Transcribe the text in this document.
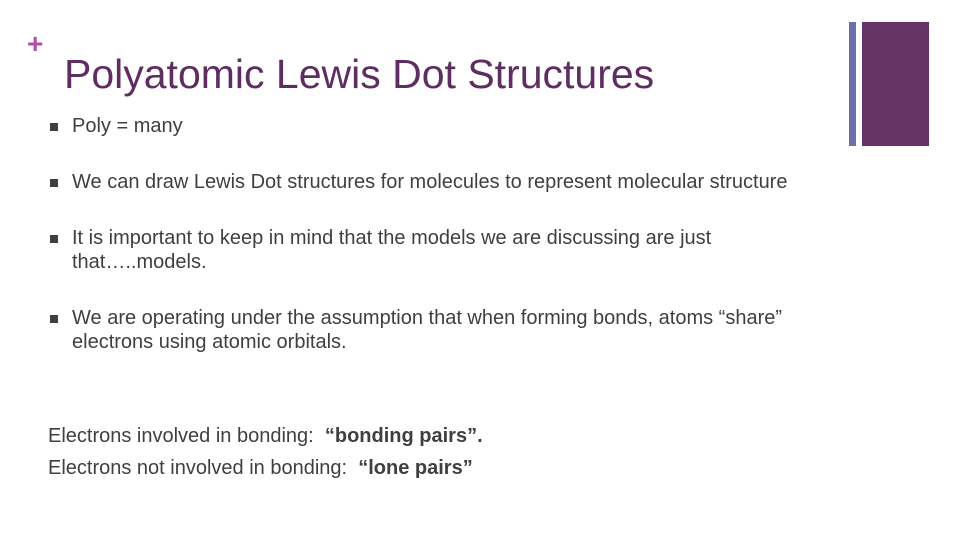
+
Polyatomic Lewis Dot Structures
Poly = many
We can draw Lewis Dot structures for molecules to represent molecular structure
It is important to keep in mind that the models we are discussing are just that…..models.
We are operating under the assumption that when forming bonds, atoms “share” electrons using atomic orbitals.
Electrons involved in bonding: “bonding pairs”.
Electrons not involved in bonding: “lone pairs”
